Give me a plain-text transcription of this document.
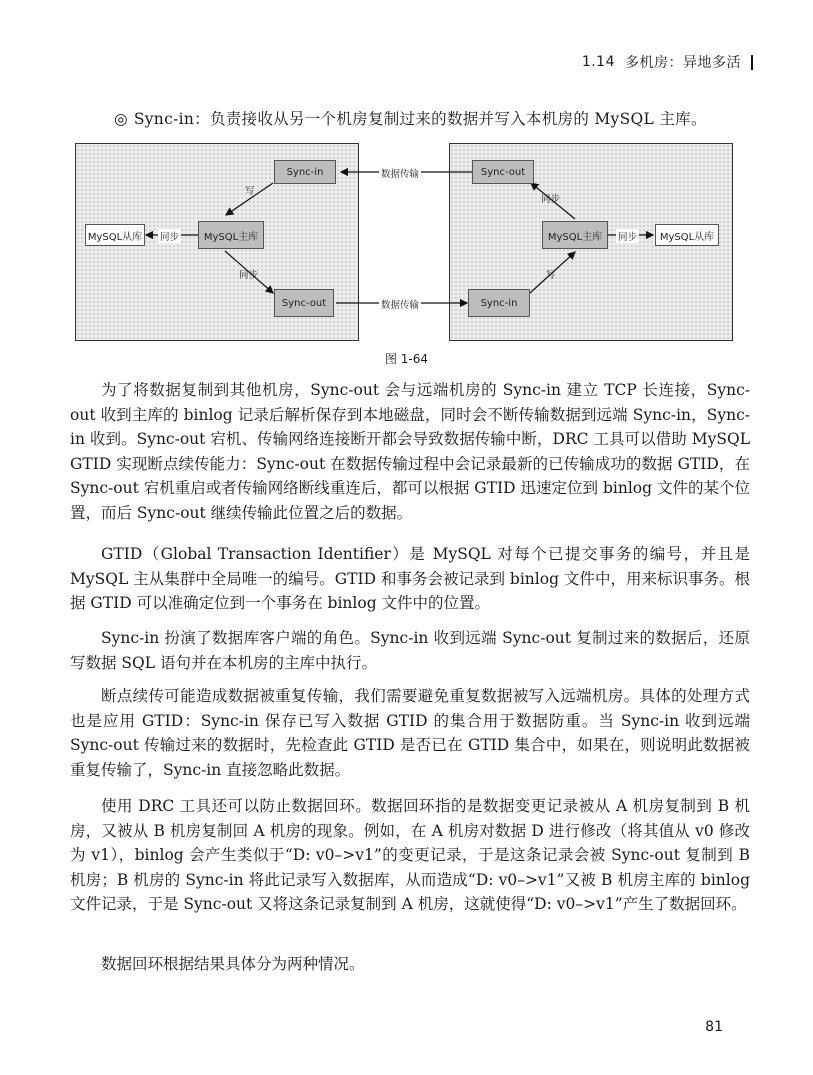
1.14 多机房：异地多活
◎ Sync-in：负责接收从另一个机房复制过来的数据并写入本机房的 MySQL 主库。
Sync-in
MySQL主库
MySQL从库
Sync-out
写
同步
同步
数据传输
数据传输
Sync-out
MySQL主库	MySQL从库
Sync-in
同步
同步
写
图 1-64

为了将数据复制到其他机房，Sync-out 会与远端机房的 Sync-in 建立 TCP 长连接，Sync-out 收到主库的 binlog 记录后解析保存到本地磁盘，同时会不断传输数据到远端 Sync-in，Sync-in 收到。Sync-out 宕机、传输网络连接断开都会导致数据传输中断，DRC 工具可以借助 MySQL GTID 实现断点续传能力：Sync-out 在数据传输过程中会记录最新的已传输成功的数据 GTID，在 Sync-out 宕机重启或者传输网络断线重连后，都可以根据 GTID 迅速定位到 binlog 文件的某个位置，而后 Sync-out 继续传输此位置之后的数据。

GTID（Global Transaction Identifier）是 MySQL 对每个已提交事务的编号，并且是 MySQL 主从集群中全局唯一的编号。GTID 和事务会被记录到 binlog 文件中，用来标识事务。根据 GTID 可以准确定位到一个事务在 binlog 文件中的位置。

Sync-in 扮演了数据库客户端的角色。Sync-in 收到远端 Sync-out 复制过来的数据后，还原写数据 SQL 语句并在本机房的主库中执行。

断点续传可能造成数据被重复传输，我们需要避免重复数据被写入远端机房。具体的处理方式也是应用 GTID：Sync-in 保存已写入数据 GTID 的集合用于数据防重。当 Sync-in 收到远端 Sync-out 传输过来的数据时，先检查此 GTID 是否已在 GTID 集合中，如果在，则说明此数据被重复传输了，Sync-in 直接忽略此数据。

使用 DRC 工具还可以防止数据回环。数据回环指的是数据变更记录被从 A 机房复制到 B 机房，又被从 B 机房复制回 A 机房的现象。例如，在 A 机房对数据 D 进行修改（将其值从 v0 修改为 v1），binlog 会产生类似于“D: v0–>v1”的变更记录，于是这条记录会被 Sync-out 复制到 B 机房；B 机房的 Sync-in 将此记录写入数据库，从而造成“D: v0–>v1”又被 B 机房主库的 binlog 文件记录，于是 Sync-out 又将这条记录复制到 A 机房，这就使得“D: v0–>v1”产生了数据回环。

数据回环根据结果具体分为两种情况。

81
